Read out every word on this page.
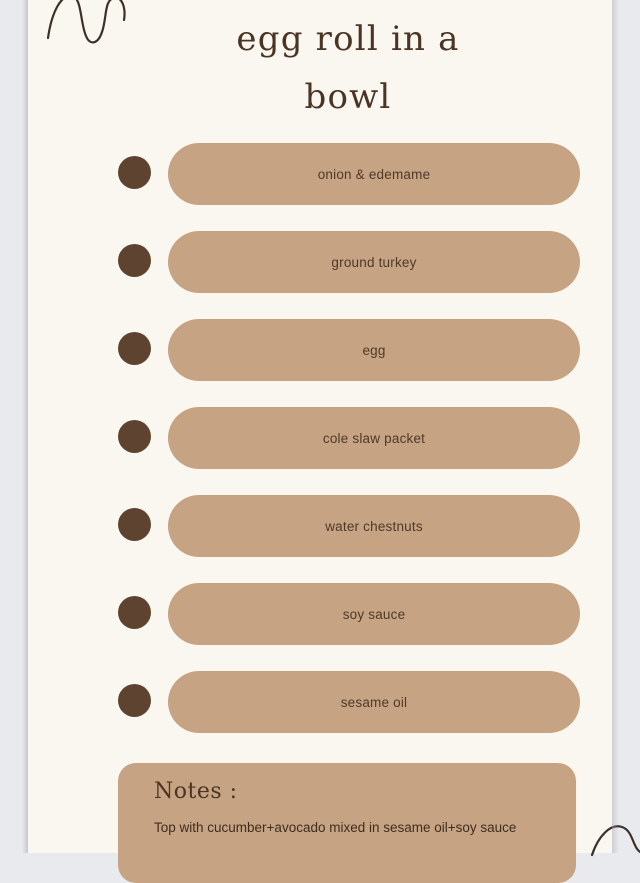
egg roll in a
bowl
onion & edemame
ground turkey
egg
cole slaw packet
water chestnuts
soy sauce
sesame oil
Notes :
Top with cucumber+avocado mixed in sesame oil+soy sauce
